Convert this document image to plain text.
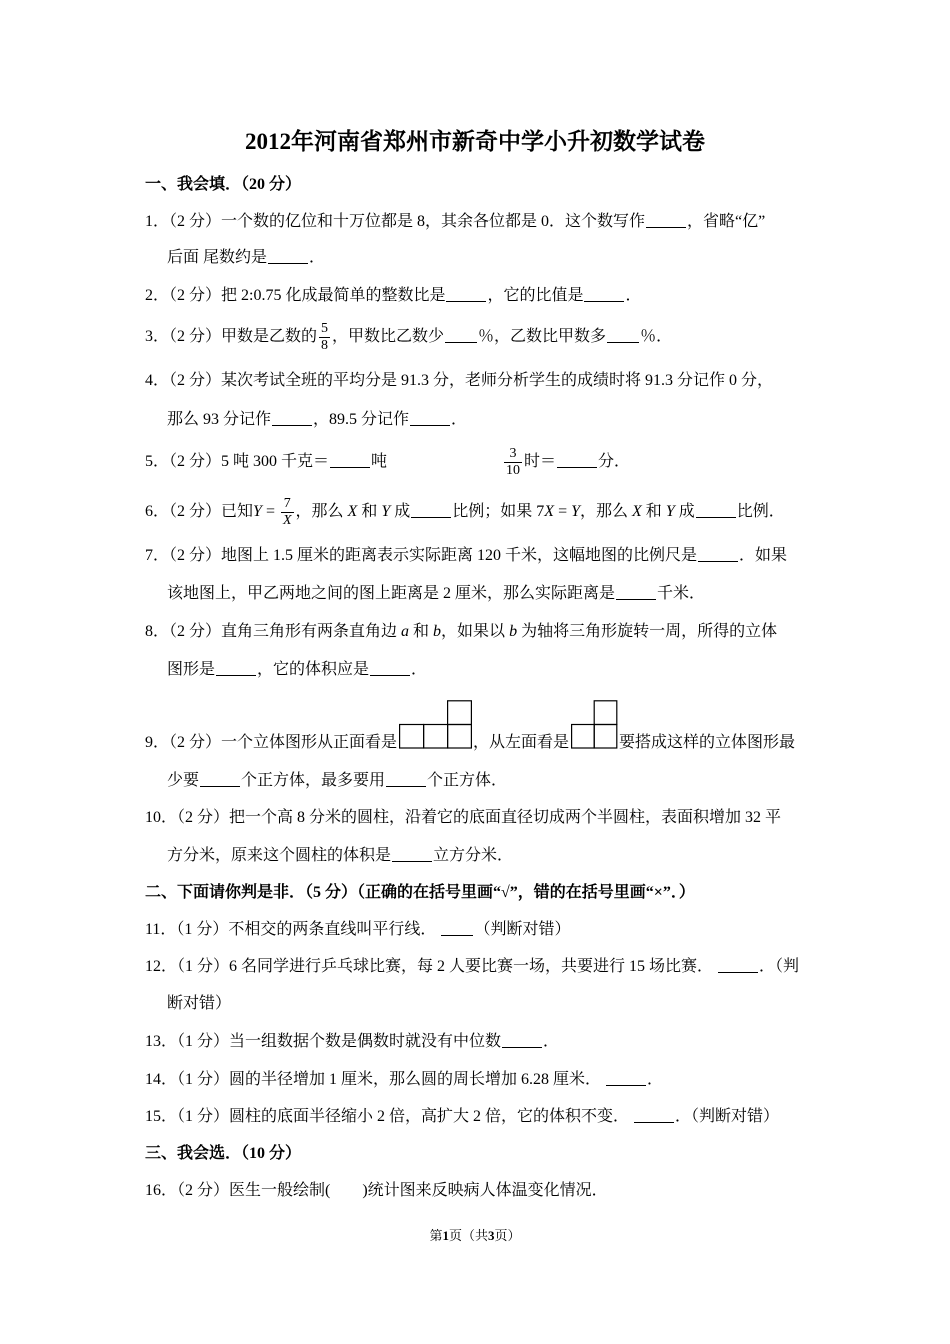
2012年河南省郑州市新奇中学小升初数学试卷
一、我会填．（20 分）
1．（2 分）一个数的亿位和十万位都是 8，其余各位都是 0．这个数写作	，省略“亿”
后面 尾数约是	．
2．（2 分）把 2:0.75 化成最简单的整数比是	，它的比值是	．
3．（2 分）甲数是乙数的 $\frac{5}{8}$ ，甲数比乙数少 ％，乙数比甲数多 ％．
4．（2 分）某次考试全班的平均分是 91.3 分，老师分析学生的成绩时将 91.3 分记作 0 分，
那么 93 分记作	，89.5 分记作	．
5．（2 分）5 吨 300 千克＝	吨	$\frac{3}{10}$ 时＝	分．
6．（2 分）已知$Y = \frac{7}{X}$ ，那么 X 和 Y 成	比例；如果 7X = Y，那么 X 和 Y 成	比例．
7．（2 分）地图上 1.5 厘米的距离表示实际距离 120 千米，这幅地图的比例尺是	．如果
该地图上，甲乙两地之间的图上距离是 2 厘米，那么实际距离是	千米．
8．（2 分）直角三角形有两条直角边 a 和 b，如果以 b 为轴将三角形旋转一周，所得的立体
图形是	，它的体积应是	．
9．（2 分）一个立体图形从正面看是	，从左面看是	要搭成这样的立体图形最
少要	个正方体，最多要用	个正方体．
10．（2 分）把一个高 8 分米的圆柱，沿着它的底面直径切成两个半圆柱，表面积增加 32 平
方分米，原来这个圆柱的体积是	立方分米．
二、下面请你判是非．（5 分）（正确的在括号里画“√”，错的在括号里画“×”．）
11．（1 分）不相交的两条直线叫平行线． （判断对错）
12．（1 分）6 名同学进行乒乓球比赛，每 2 人要比赛一场，共要进行 15 场比赛．	．（判
断对错）
13．（1 分）当一组数据个数是偶数时就没有中位数	．
14．（1 分）圆的半径增加 1 厘米，那么圆的周长增加 6.28 厘米．	．
15．（1 分）圆柱的底面半径缩小 2 倍，高扩大 2 倍，它的体积不变．	．（判断对错）
三、我会选．（10 分）
16．（2 分）医生一般绘制(　　)统计图来反映病人体温变化情况．
第1页（共3页）
